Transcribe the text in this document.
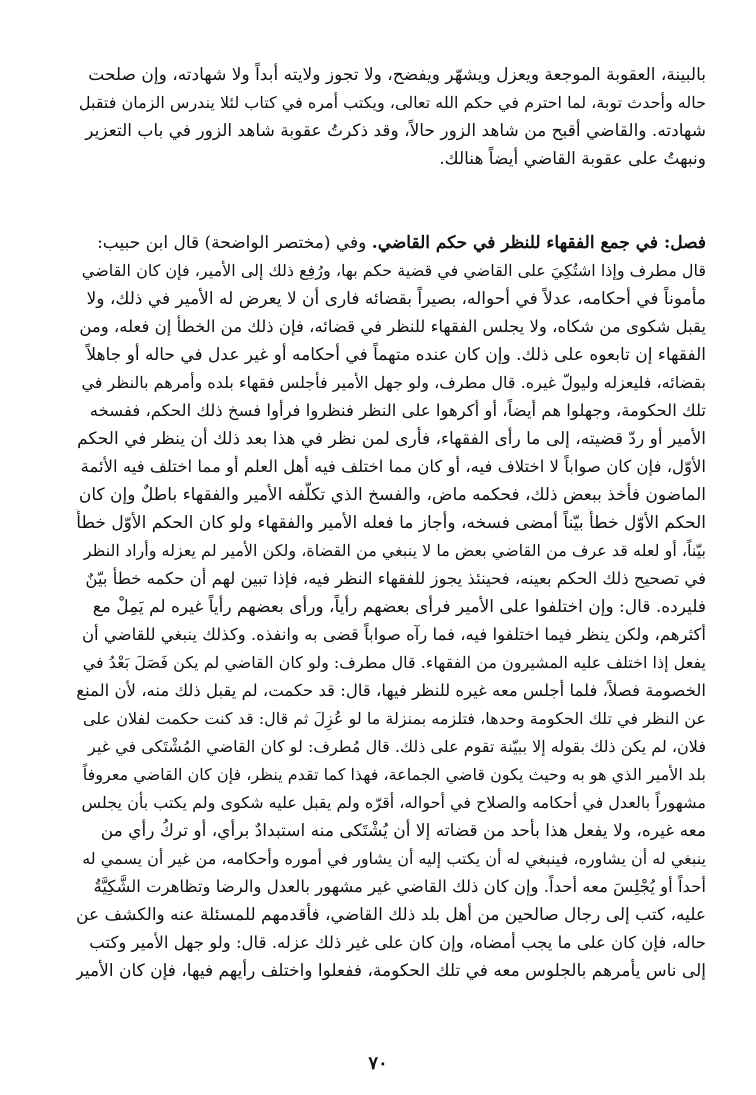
بالبينة، العقوبة الموجعة ويعزل ويشهّر ويفضح، ولا تجوز ولايته أبداً ولا شهادته، وإن صلحت
حاله وأحدث توبة، لما احترم في حكم الله تعالى، ويكتب أمره في كتاب لئلا يندرس الزمان فتقبل
شهادته. والقاضي أقبح من شاهد الزور حالاً، وقد ذكرتُ عقوبة شاهد الزور في باب التعزير
ونبهتُ على عقوبة القاضي أيضاً هنالك.
فصل: في جمع الفقهاء للنظر في حكم القاضي. وفي (مختصر الواضحة) قال ابن حبيب:
قال مطرف وإذا اشتُكِيَ على القاضي في قضية حكم بها، ورُفِع ذلك إلى الأمير، فإن كان القاضي
مأموناً في أحكامه، عدلاً في أحواله، بصيراً بقضائه فارى أن لا يعرض له الأمير في ذلك، ولا
يقبل شكوى من شكاه، ولا يجلس الفقهاء للنظر في قضائه، فإن ذلك من الخطأ إن فعله، ومن
الفقهاء إن تابعوه على ذلك. وإن كان عنده متهماً في أحكامه أو غير عدل في حاله أو جاهلاً
بقضائه، فليعزله وليولّ غيره. قال مطرف، ولو جهل الأمير فأجلس فقهاء بلده وأمرهم بالنظر في
تلك الحكومة، وجهلوا هم أيضاً، أو أكرهوا على النظر فنظروا فرأوا فسخ ذلك الحكم، ففسخه
الأمير أو ردّ قضيته، إلى ما رأى الفقهاء، فأرى لمن نظر في هذا بعد ذلك أن ينظر في الحكم
الأوّل، فإن كان صواباً لا اختلاف فيه، أو كان مما اختلف فيه أهل العلم أو مما اختلف فيه الأئمة
الماضون فأخذ ببعض ذلك، فحكمه ماض، والفسخ الذي تكلّفه الأمير والفقهاء باطلٌ وإن كان
الحكم الأوّل خطأً بيّناً أمضى فسخه، وأجاز ما فعله الأمير والفقهاء ولو كان الحكم الأوّل خطأً
بيّناً، أو لعله قد عرف من القاضي بعض ما لا ينبغي من القضاة، ولكن الأمير لم يعزله وأراد النظر
في تصحيح ذلك الحكم بعينه، فحينئذ يجوز للفقهاء النظر فيه، فإذا تبين لهم أن حكمه خطأ بيّنٌ
فليرده. قال: وإن اختلفوا على الأمير فرأى بعضهم رأياً، ورأى بعضهم رأياً غيره لم يَمِلْ مع
أكثرهم، ولكن ينظر فيما اختلفوا فيه، فما رآه صواباً قضى به وانفذه. وكذلك ينبغي للقاضي أن
يفعل إذا اختلف عليه المشيرون من الفقهاء. قال مطرف: ولو كان القاضي لم يكن فَصَلَ بَعْدُ في
الخصومة فصلاً، فلما أجلس معه غيره للنظر فيها، قال: قد حكمت، لم يقبل ذلك منه، لأن المنع
عن النظر في تلك الحكومة وحدها، فتلزمه بمنزلة ما لو عُزِلَ ثم قال: قد كنت حكمت لفلان على
فلان، لم يكن ذلك بقوله إلا ببيّنة تقوم على ذلك. قال مُطرف: لو كان القاضي المُشْتَكى في غير
بلد الأمير الذي هو به وحيث يكون قاضي الجماعة، فهذا كما تقدم ينظر، فإن كان القاضي معروفاً
مشهوراً بالعدل في أحكامه والصلاح في أحواله، أقرّه ولم يقبل عليه شكوى ولم يكتب بأن يجلس
معه غيره، ولا يفعل هذا بأحد من قضاته إلا أن يُشْتَكى منه استبدادٌ برأي، أو تركُ رأي من
ينبغي له أن يشاوره، فينبغي له أن يكتب إليه أن يشاور في أموره وأحكامه، من غير أن يسمي له
أحداً أو يُجْلِسَ معه أحداً. وإن كان ذلك القاضي غير مشهور بالعدل والرضا وتظاهرت الشَّكِيَّةُ
عليه، كتب إلى رجال صالحين من أهل بلد ذلك القاضي، فأقدمهم للمسئلة عنه والكشف عن
حاله، فإن كان على ما يجب أمضاه، وإن كان على غير ذلك عزله. قال: ولو جهل الأمير وكتب
إلى ناس يأمرهم بالجلوس معه في تلك الحكومة، ففعلوا واختلف رأيهم فيها، فإن كان الأمير
٧٠
